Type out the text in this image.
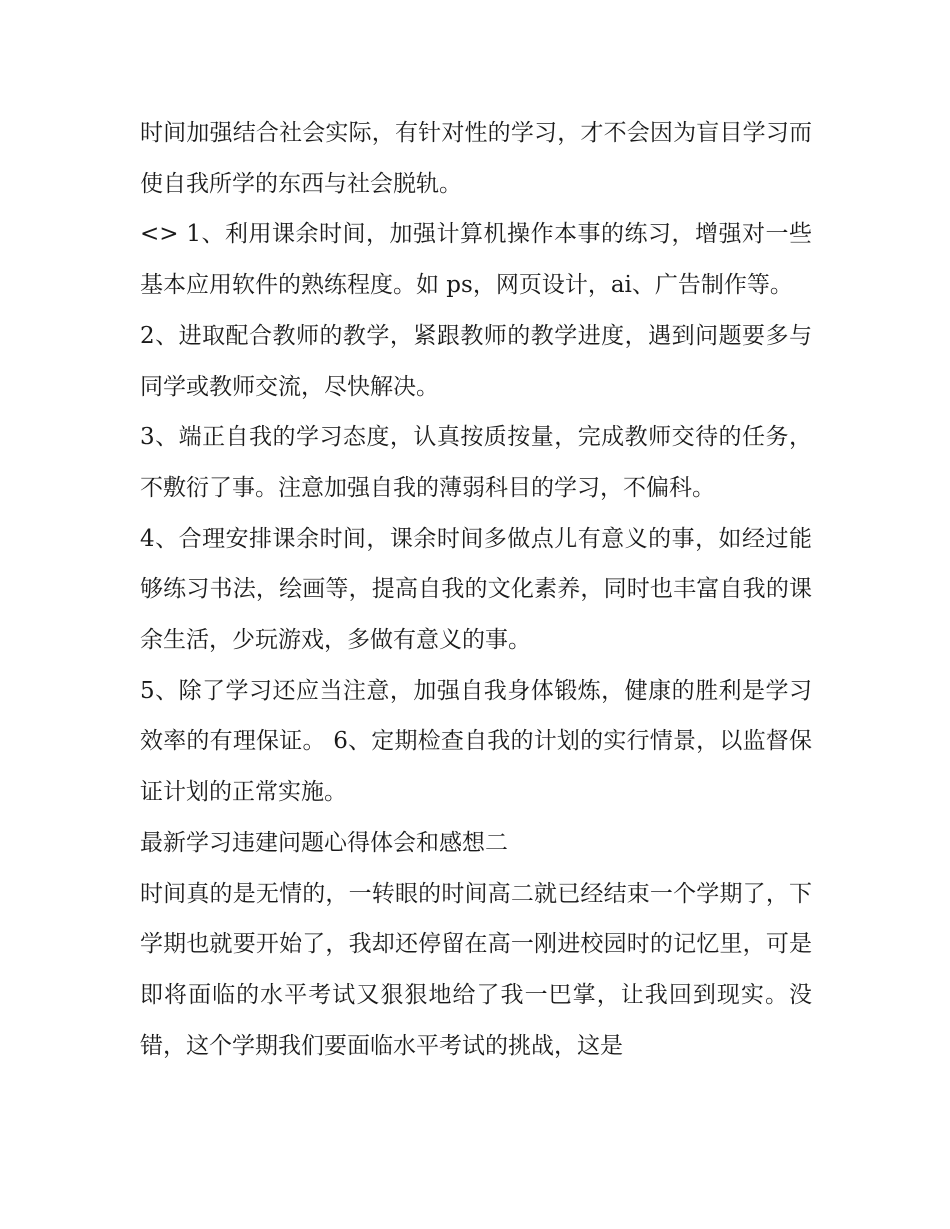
时间加强结合社会实际，有针对性的学习，才不会因为盲目学习而使自我所学的东西与社会脱轨。

<> 1、利用课余时间，加强计算机操作本事的练习，增强对一些基本应用软件的熟练程度。如 ps，网页设计，ai、广告制作等。

2、进取配合教师的教学，紧跟教师的教学进度，遇到问题要多与同学或教师交流，尽快解决。

3、端正自我的学习态度，认真按质按量，完成教师交待的任务，不敷衍了事。注意加强自我的薄弱科目的学习，不偏科。

4、合理安排课余时间，课余时间多做点儿有意义的事，如经过能够练习书法，绘画等，提高自我的文化素养，同时也丰富自我的课余生活，少玩游戏，多做有意义的事。

5、除了学习还应当注意，加强自我身体锻炼，健康的胜利是学习效率的有理保证。 6、定期检查自我的计划的实行情景，以监督保证计划的正常实施。

最新学习违建问题心得体会和感想二

时间真的是无情的，一转眼的时间高二就已经结束一个学期了，下学期也就要开始了，我却还停留在高一刚进校园时的记忆里，可是即将面临的水平考试又狠狠地给了我一巴掌，让我回到现实。没错，这个学期我们要面临水平考试的挑战，这是
